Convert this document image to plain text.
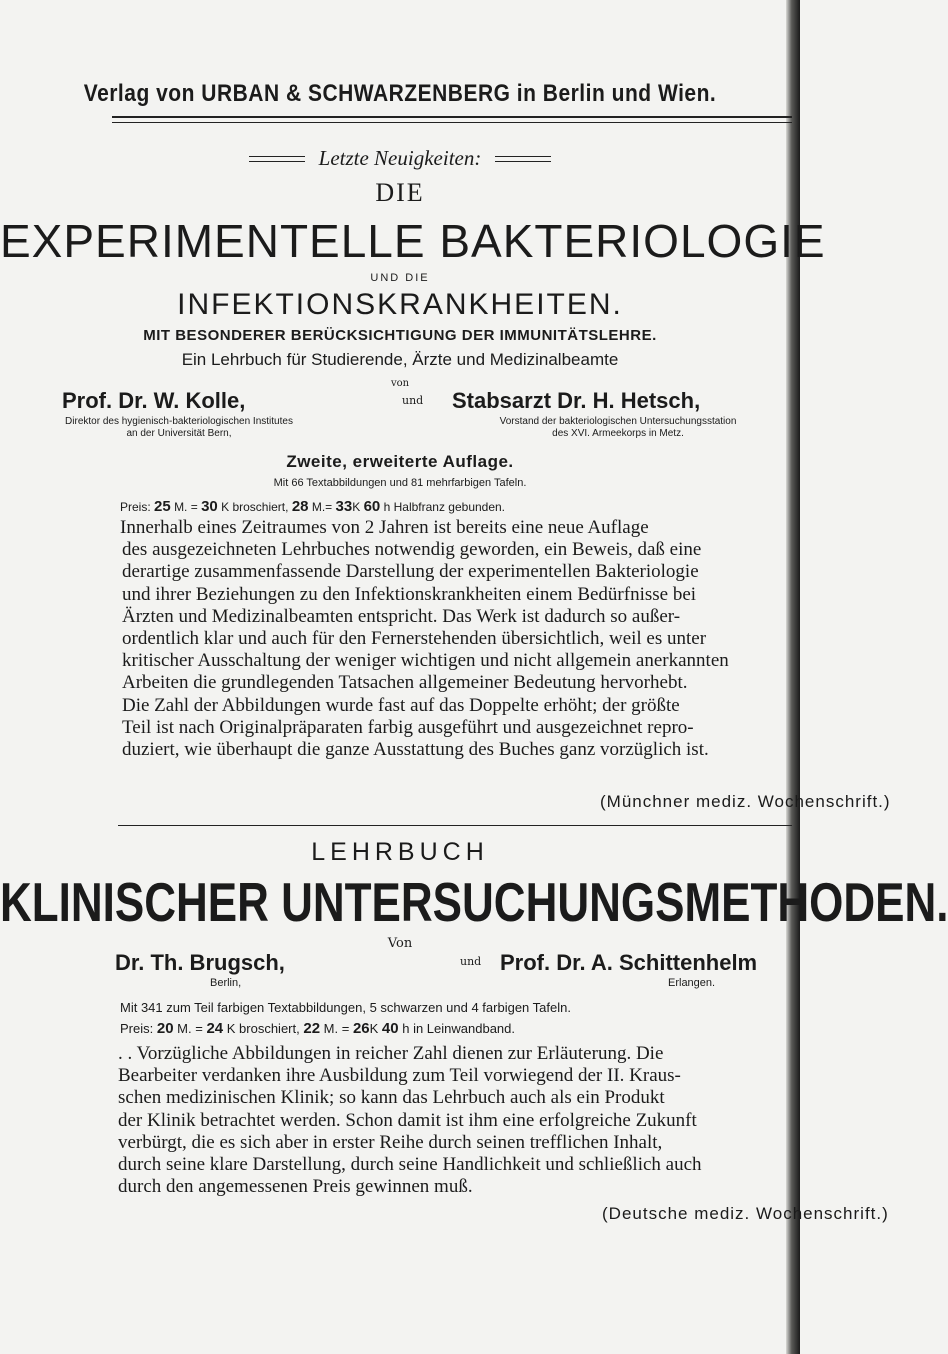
Verlag von URBAN & SCHWARZENBERG in Berlin und Wien.
Letzte Neuigkeiten:
DIE
EXPERIMENTELLE BAKTERIOLOGIE
UND DIE
INFEKTIONSKRANKHEITEN.
MIT BESONDERER BERÜCKSICHTIGUNG DER IMMUNITÄTSLEHRE.
Ein Lehrbuch für Studierende, Ärzte und Medizinalbeamte
von
Prof. Dr. W. Kolle,	und Stabsarzt Dr. H. Hetsch,
Direktor des hygienisch-bakteriologischen Institutes
an der Universität Bern,
Vorstand der bakteriologischen Untersuchungsstation
des XVI. Armeekorps in Metz.
Zweite, erweiterte Auflage.
Mit 66 Textabbildungen und 81 mehrfarbigen Tafeln.
Preis: 25 M. = 30 K broschiert, 28 M.= 33K 60 h Halbfranz gebunden.

Innerhalb eines Zeitraumes von 2 Jahren ist bereits eine neue Auflage
des ausgezeichneten Lehrbuches notwendig geworden, ein Beweis, daß eine
derartige zusammenfassende Darstellung der experimentellen Bakteriologie
und ihrer Beziehungen zu den Infektionskrankheiten einem Bedürfnisse bei
Ärzten und Medizinalbeamten entspricht. Das Werk ist dadurch so außer-
ordentlich klar und auch für den Fernerstehenden übersichtlich, weil es unter
kritischer Ausschaltung der weniger wichtigen und nicht allgemein anerkannten
Arbeiten die grundlegenden Tatsachen allgemeiner Bedeutung hervorhebt.
Die Zahl der Abbildungen wurde fast auf das Doppelte erhöht; der größte
Teil ist nach Originalpräparaten farbig ausgeführt und ausgezeichnet repro-
duziert, wie überhaupt die ganze Ausstattung des Buches ganz vorzüglich ist.

(Münchner mediz. Wochenschrift.)
LEHRBUCH
KLINISCHER UNTERSUCHUNGSMETHODEN.
Von
Dr. Th. Brugsch,	und Prof. Dr. A. Schittenhelm
Berlin,	Erlangen.
Mit 341 zum Teil farbigen Textabbildungen, 5 schwarzen und 4 farbigen Tafeln.
Preis: 20 M. = 24 K broschiert, 22 M. = 26K 40 h in Leinwandband.

. . Vorzügliche Abbildungen in reicher Zahl dienen zur Erläuterung. Die
Bearbeiter verdanken ihre Ausbildung zum Teil vorwiegend der II. Kraus-
schen medizinischen Klinik; so kann das Lehrbuch auch als ein Produkt
der Klinik betrachtet werden. Schon damit ist ihm eine erfolgreiche Zukunft
verbürgt, die es sich aber in erster Reihe durch seinen trefflichen Inhalt,
durch seine klare Darstellung, durch seine Handlichkeit und schließlich auch
durch den angemessenen Preis gewinnen muß.

(Deutsche mediz. Wochenschrift.)
